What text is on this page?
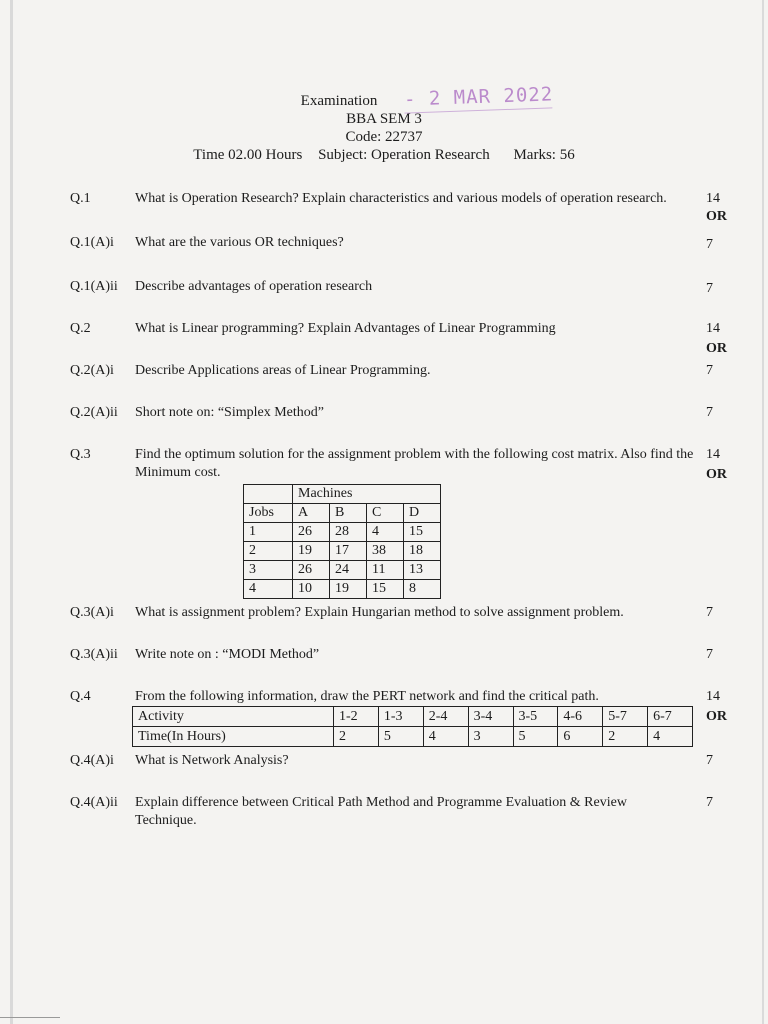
- 2 MAR 2022
Examination
BBA SEM 3
Code: 22737
Time 02.00 Hours Subject: Operation Research Marks: 56
Q.1	What is Operation Research? Explain characteristics and various models of operation research.	14
OR
Q.1(A)i	What are the various OR techniques?	7
Q.1(A)ii	Describe advantages of operation research	7
Q.2	What is Linear programming? Explain Advantages of Linear Programming	14
OR
Q.2(A)i	Describe Applications areas of Linear Programming.	7
Q.2(A)ii	Short note on: “Simplex Method”	7
Q.3	Find the optimum solution for the assignment problem with the following cost matrix. Also find the Minimum cost.
14
OR
	Machines			
Jobs	A	B	C	D
1	26	28	4	15
2	19	17	38	18
3	26	24	11	13
4	10	19	15	8
Q.3(A)i	What is assignment problem? Explain Hungarian method to solve assignment problem.	7
Q.3(A)ii	Write note on : “MODI Method”	7
Q.4	From the following information, draw the PERT network and find the critical path.	14
OR
Activity	1-2	1-3	2-4	3-4	3-5	4-6	5-7	6-7
Time(In Hours)	2	5	4	3	5	6	2	4
Q.4(A)i	What is Network Analysis?	7
Q.4(A)ii	Explain difference between Critical Path Method and Programme Evaluation & Review Technique.
7
